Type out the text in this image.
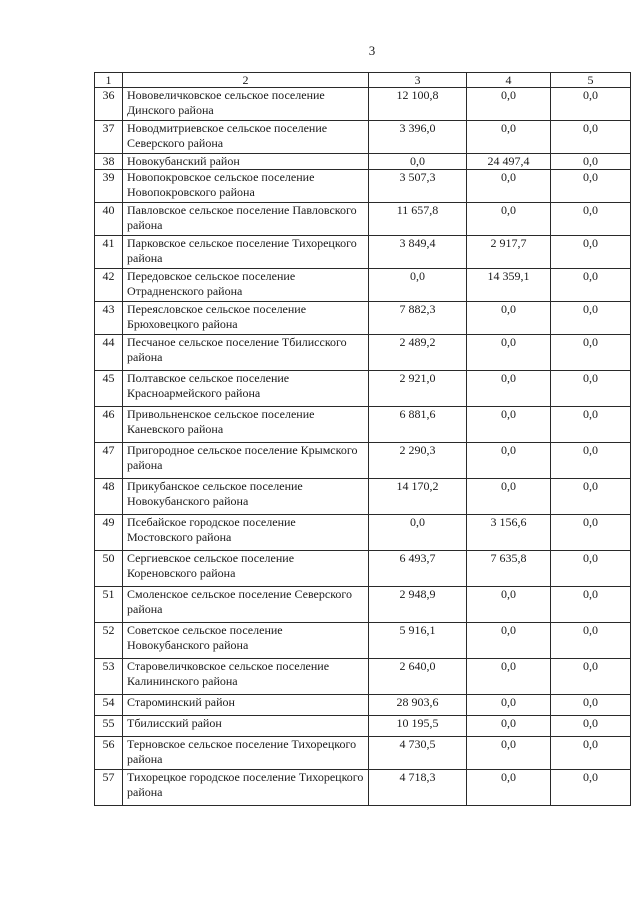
3
1	2	3	4	5
36	Нововеличковское сельское поселение Динского района	12 100,8	0,0	0,0
37	Новодмитриевское сельское поселение Северского района	3 396,0	0,0	0,0
38	Новокубанский район	0,0	24 497,4	0,0
39	Новопокровское сельское поселение Новопокровского района	3 507,3	0,0	0,0
40	Павловское сельское поселение Павловского района	11 657,8	0,0	0,0
41	Парковское сельское поселение Тихорецкого района	3 849,4	2 917,7	0,0
42	Передовское сельское поселение Отрадненского района	0,0	14 359,1	0,0
43	Переясловское сельское поселение Брюховецкого района	7 882,3	0,0	0,0
44	Песчаное сельское поселение Тбилисского района	2 489,2	0,0	0,0
45	Полтавское сельское поселение Красноармейского района	2 921,0	0,0	0,0
46	Привольненское сельское поселение Каневского района	6 881,6	0,0	0,0
47	Пригородное сельское поселение Крымского района	2 290,3	0,0	0,0
48	Прикубанское сельское поселение Новокубанского района	14 170,2	0,0	0,0
49	Псебайское городское поселение Мостовского района	0,0	3 156,6	0,0
50	Сергиевское сельское поселение Кореновского района	6 493,7	7 635,8	0,0
51	Смоленское сельское поселение Северского района	2 948,9	0,0	0,0
52	Советское сельское поселение Новокубанского района	5 916,1	0,0	0,0
53	Старовеличковское сельское поселение Калининского района	2 640,0	0,0	0,0
54	Староминский район	28 903,6	0,0	0,0
55	Тбилисский район	10 195,5	0,0	0,0
56	Терновское сельское поселение Тихорецкого района	4 730,5	0,0	0,0
57	Тихорецкое городское поселение Тихорецкого района	4 718,3	0,0	0,0
